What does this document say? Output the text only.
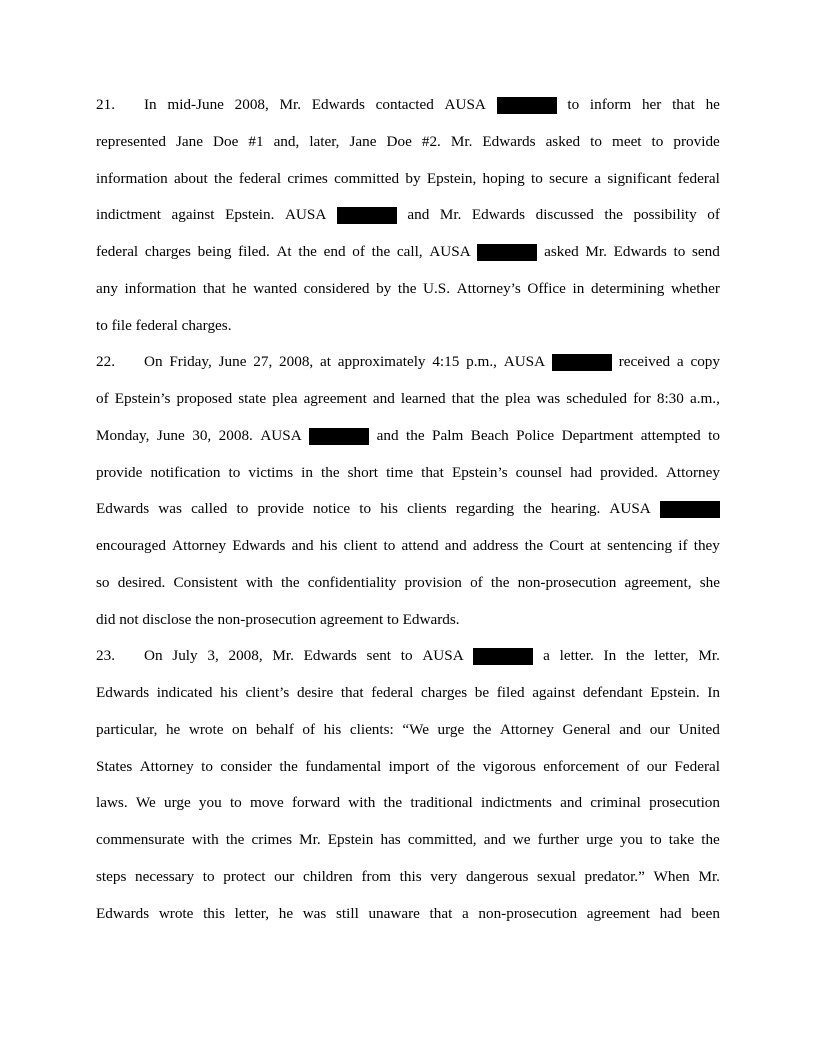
21.	In mid-June 2008, Mr. Edwards contacted AUSA	to inform her that he
represented Jane Doe #1 and, later, Jane Doe #2. Mr. Edwards asked to meet to provide
information about the federal crimes committed by Epstein, hoping to secure a significant federal
indictment against Epstein. AUSA	and Mr. Edwards discussed the possibility of
federal charges being filed. At the end of the call, AUSA	asked Mr. Edwards to send
any information that he wanted considered by the U.S. Attorney’s Office in determining whether
to file federal charges.
22.	On Friday, June 27, 2008, at approximately 4:15 p.m., AUSA	received a copy
of Epstein’s proposed state plea agreement and learned that the plea was scheduled for 8:30 a.m.,
Monday, June 30, 2008. AUSA	and the Palm Beach Police Department attempted to
provide notification to victims in the short time that Epstein’s counsel had provided. Attorney
Edwards was called to provide notice to his clients regarding the hearing. AUSA
encouraged Attorney Edwards and his client to attend and address the Court at sentencing if they
so desired. Consistent with the confidentiality provision of the non-prosecution agreement, she
did not disclose the non-prosecution agreement to Edwards.
23.	On July 3, 2008, Mr. Edwards sent to AUSA	a letter. In the letter, Mr.
Edwards indicated his client’s desire that federal charges be filed against defendant Epstein. In
particular, he wrote on behalf of his clients: “We urge the Attorney General and our United
States Attorney to consider the fundamental import of the vigorous enforcement of our Federal
laws. We urge you to move forward with the traditional indictments and criminal prosecution
commensurate with the crimes Mr. Epstein has committed, and we further urge you to take the
steps necessary to protect our children from this very dangerous sexual predator.” When Mr.
Edwards wrote this letter, he was still unaware that a non-prosecution agreement had been
